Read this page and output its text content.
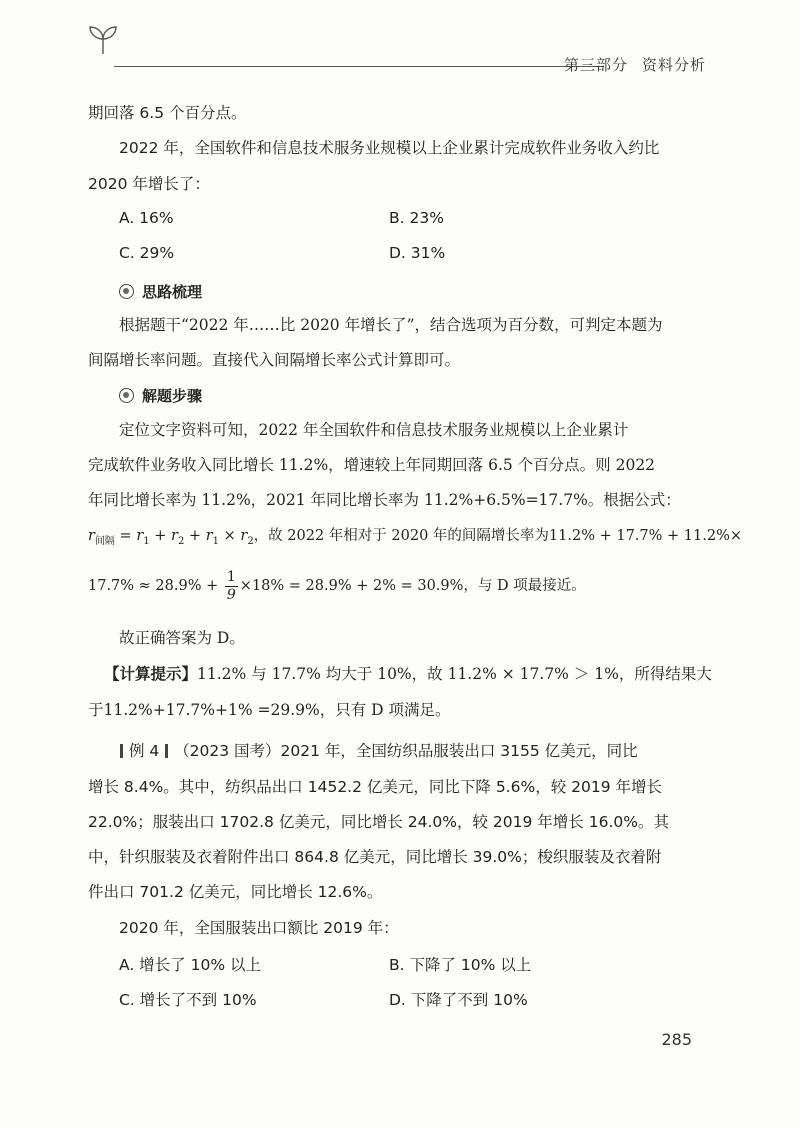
第三部分 资料分析
期回落 6.5 个百分点。
2022 年，全国软件和信息技术服务业规模以上企业累计完成软件业务收入约比
2020 年增长了：
A. 16%	B. 23%
C. 29%	D. 31%
思路梳理
根据题干“2022 年……比 2020 年增长了”，结合选项为百分数，可判定本题为
间隔增长率问题。直接代入间隔增长率公式计算即可。
解题步骤
定位文字资料可知，2022 年全国软件和信息技术服务业规模以上企业累计
完成软件业务收入同比增长 11.2%，增速较上年同期回落 6.5 个百分点。则 2022
年同比增长率为 11.2%，2021 年同比增长率为 11.2%+6.5%=17.7%。根据公式：
$r_{间隔} = r_1 + r_2 + r_1 \times r_2$，故 2022 年相对于 2020 年的间隔增长率为11.2% + 17.7% + 11.2%×
$17.7\% \approx 28.9\% + \frac{1}{9} \times 18\% = 28.9\% + 2\% = 30.9\%$，与 D 项最接近。
故正确答案为 D。
【计算提示】11.2% 与 17.7% 均大于 10%，故 11.2% × 17.7% ＞ 1%，所得结果大
于11.2%+17.7%+1% =29.9%，只有 D 项满足。
例 4 （2023 国考）2021 年，全国纺织品服装出口 3155 亿美元，同比
增长 8.4%。其中，纺织品出口 1452.2 亿美元，同比下降 5.6%，较 2019 年增长
22.0%；服装出口 1702.8 亿美元，同比增长 24.0%，较 2019 年增长 16.0%。其
中，针织服装及衣着附件出口 864.8 亿美元，同比增长 39.0%；梭织服装及衣着附
件出口 701.2 亿美元，同比增长 12.6%。
2020 年，全国服装出口额比 2019 年：
A. 增长了 10% 以上	B. 下降了 10% 以上
C. 增长了不到 10%	D. 下降了不到 10%
285
